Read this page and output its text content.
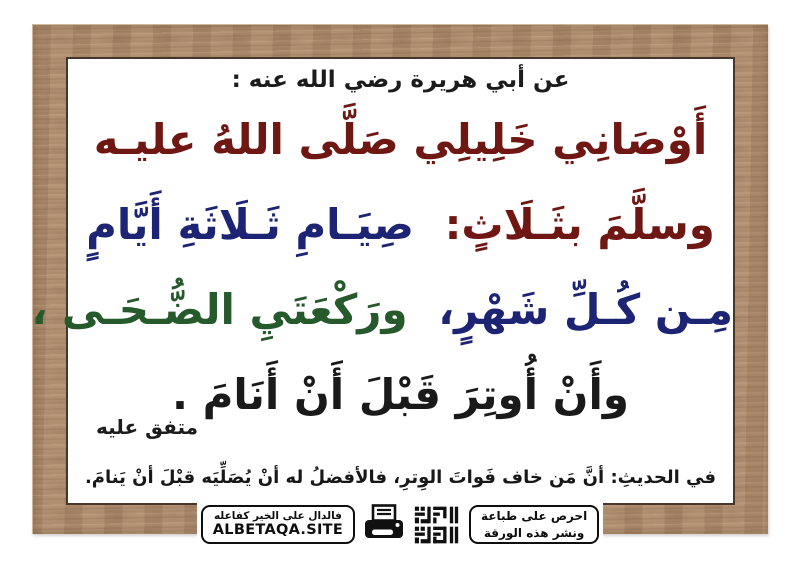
عن أبي هريرة رضي الله عنه :
أَوْصَانِي خَلِيلِي صَلَّى اللهُ عليـه
وسلَّمَ بثَـلَاثٍ: صِيَـامِ ثَـلَاثَةِ أَيَّامٍ
مِـن كُـلِّ شَهْرٍ، ورَكْعَتَيِ الضُّـحَـى ،
وأَنْ أُوتِرَ قَبْلَ أَنْ أَنَامَ .
متفق عليه
في الحديثِ: أنَّ مَن خاف فَواتَ الوِترِ، فالأفضلُ له أنْ يُصَلِّيَه قبْلَ أنْ يَنامَ.
فالدال على الخير كفاعله
ALBETAQA.SITE
احرص على طباعة
ونشر هذه الورقة
